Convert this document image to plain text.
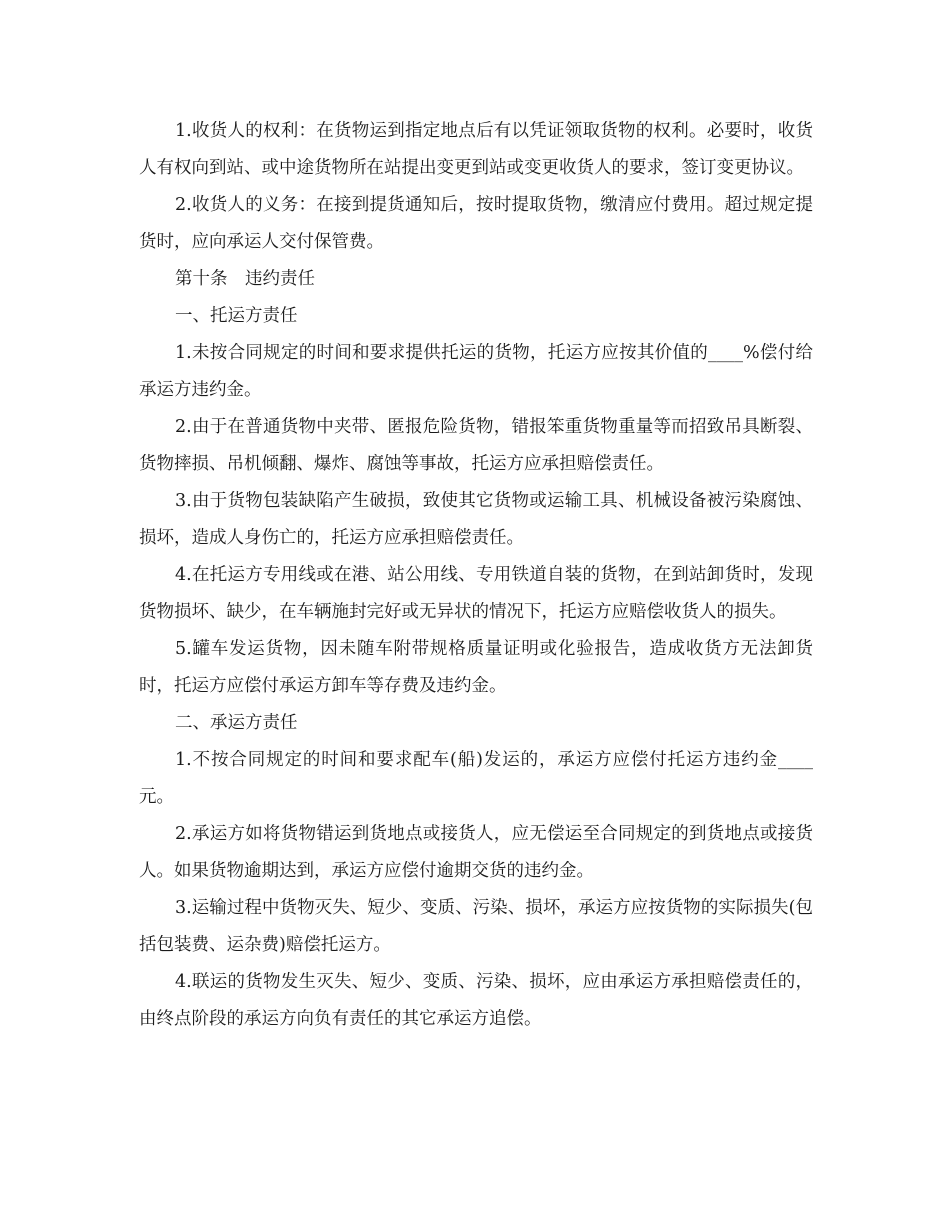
1.收货人的权利：在货物运到指定地点后有以凭证领取货物的权利。必要时，收货人有权向到站、或中途货物所在站提出变更到站或变更收货人的要求，签订变更协议。

2.收货人的义务：在接到提货通知后，按时提取货物，缴清应付费用。超过规定提货时，应向承运人交付保管费。

第十条　违约责任

一、托运方责任

1.未按合同规定的时间和要求提供托运的货物，托运方应按其价值的____%偿付给承运方违约金。

2.由于在普通货物中夹带、匿报危险货物，错报笨重货物重量等而招致吊具断裂、货物摔损、吊机倾翻、爆炸、腐蚀等事故，托运方应承担赔偿责任。

3.由于货物包装缺陷产生破损，致使其它货物或运输工具、机械设备被污染腐蚀、损坏，造成人身伤亡的，托运方应承担赔偿责任。

4.在托运方专用线或在港、站公用线、专用铁道自装的货物，在到站卸货时，发现货物损坏、缺少，在车辆施封完好或无异状的情况下，托运方应赔偿收货人的损失。

5.罐车发运货物，因未随车附带规格质量证明或化验报告，造成收货方无法卸货时，托运方应偿付承运方卸车等存费及违约金。

二、承运方责任

1.不按合同规定的时间和要求配车(船)发运的，承运方应偿付托运方违约金____元。

2.承运方如将货物错运到货地点或接货人，应无偿运至合同规定的到货地点或接货人。如果货物逾期达到，承运方应偿付逾期交货的违约金。

3.运输过程中货物灭失、短少、变质、污染、损坏，承运方应按货物的实际损失(包括包装费、运杂费)赔偿托运方。

4.联运的货物发生灭失、短少、变质、污染、损坏，应由承运方承担赔偿责任的，由终点阶段的承运方向负有责任的其它承运方追偿。
